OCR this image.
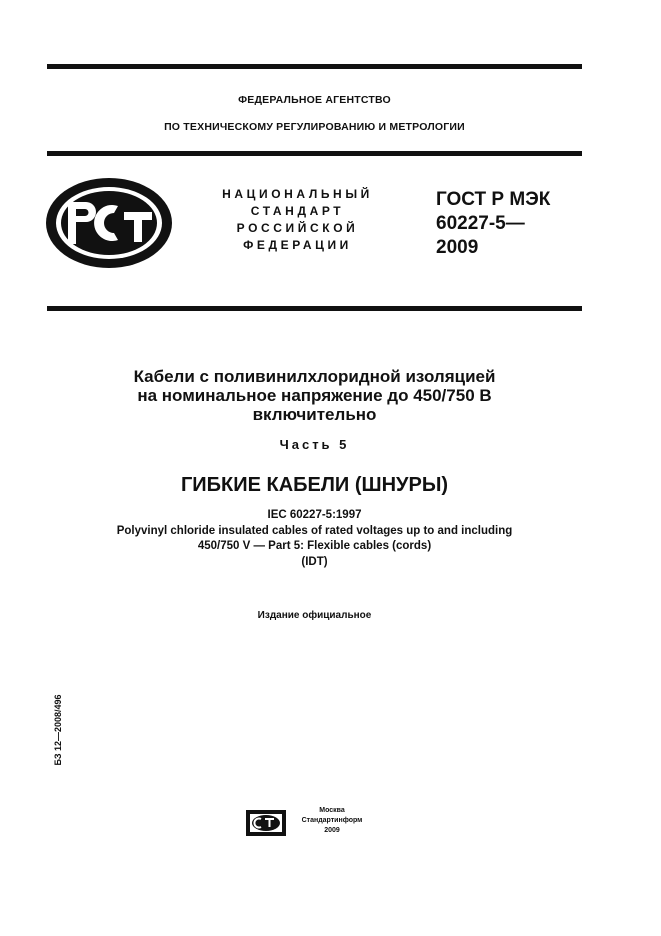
ФЕДЕРАЛЬНОЕ АГЕНТСТВО
ПО ТЕХНИЧЕСКОМУ РЕГУЛИРОВАНИЮ И МЕТРОЛОГИИ
НАЦИОНАЛЬНЫЙ
СТАНДАРТ
РОССИЙСКОЙ
ФЕДЕРАЦИИ
ГОСТ Р МЭК
60227-5—
2009
Кабели с поливинилхлоридной изоляцией
на номинальное напряжение до 450/750 В
включительно
Часть 5
ГИБКИЕ КАБЕЛИ (ШНУРЫ)
IEC 60227-5:1997
Polyvinyl chloride insulated cables of rated voltages up to and including
450/750 V — Part 5: Flexible cables (cords)
(IDT)
Издание официальное
БЗ 12—2008/496
Москва
Стандартинформ
2009
